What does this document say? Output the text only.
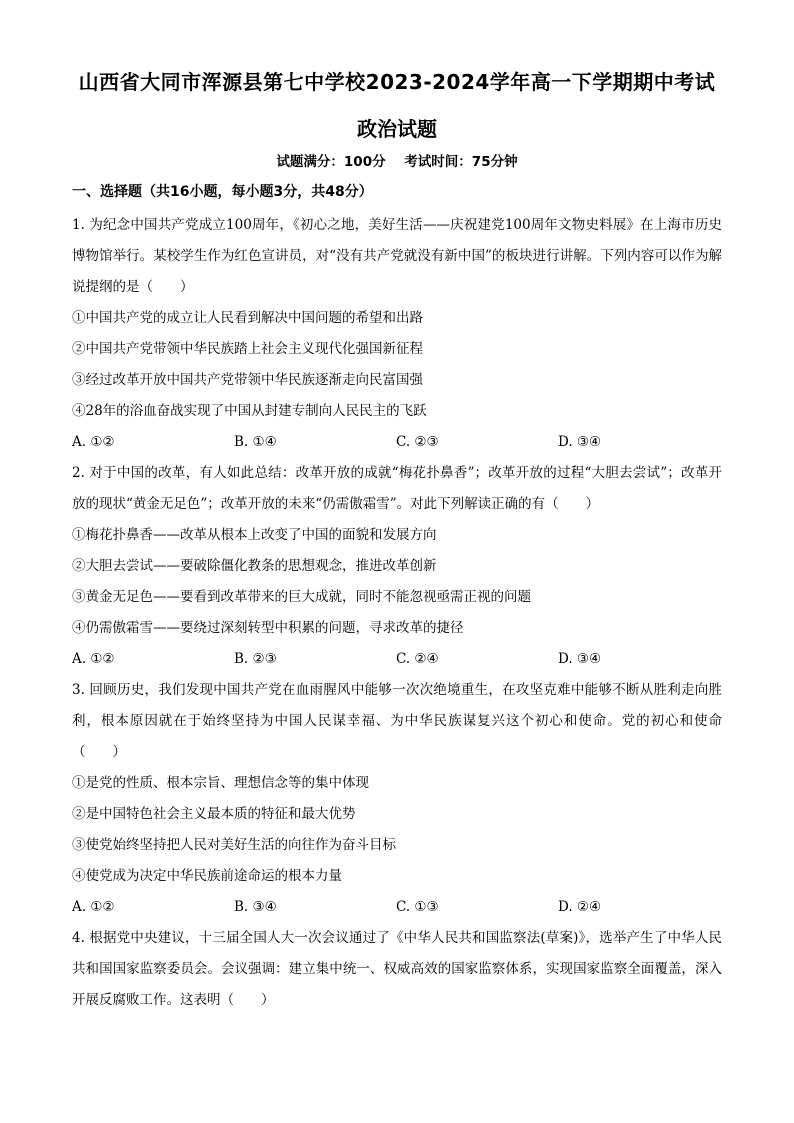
山西省大同市浑源县第七中学校2023-2024学年高一下学期期中考试
政治试题
试题满分：100分 考试时间：75分钟
一、选择题（共16小题，每小题3分，共48分）
1. 为纪念中国共产党成立100周年，《初心之地，美好生活——庆祝建党100周年文物史料展》在上海市历史博物馆举行。某校学生作为红色宣讲员，对“没有共产党就没有新中国”的板块进行讲解。下列内容可以作为解说提纲的是（　　）
①中国共产党的成立让人民看到解决中国问题的希望和出路
②中国共产党带领中华民族踏上社会主义现代化强国新征程
③经过改革开放中国共产党带领中华民族逐渐走向民富国强
④28年的浴血奋战实现了中国从封建专制向人民民主的飞跃
A. ①②	B. ①④	C. ②③	D. ③④
2. 对于中国的改革，有人如此总结：改革开放的成就“梅花扑鼻香”；改革开放的过程“大胆去尝试”；改革开放的现状“黄金无足色”；改革开放的未来“仍需傲霜雪”。对此下列解读正确的有（　　）
①梅花扑鼻香——改革从根本上改变了中国的面貌和发展方向
②大胆去尝试——要破除僵化教条的思想观念，推进改革创新
③黄金无足色——要看到改革带来的巨大成就，同时不能忽视亟需正视的问题
④仍需傲霜雪——要绕过深刻转型中积累的问题，寻求改革的捷径
A. ①②	B. ②③	C. ②④	D. ③④
3. 回顾历史，我们发现中国共产党在血雨腥风中能够一次次绝境重生，在攻坚克难中能够不断从胜利走向胜利，根本原因就在于始终坚持为中国人民谋幸福、为中华民族谋复兴这个初心和使命。党的初心和使命（　　）
①是党的性质、根本宗旨、理想信念等的集中体现
②是中国特色社会主义最本质的特征和最大优势
③使党始终坚持把人民对美好生活的向往作为奋斗目标
④使党成为决定中华民族前途命运的根本力量
A. ①②	B. ③④	C. ①③	D. ②④
4. 根据党中央建议，十三届全国人大一次会议通过了《中华人民共和国监察法(草案)》，选举产生了中华人民共和国国家监察委员会。会议强调：建立集中统一、权威高效的国家监察体系，实现国家监察全面覆盖，深入开展反腐败工作。这表明（　　）
